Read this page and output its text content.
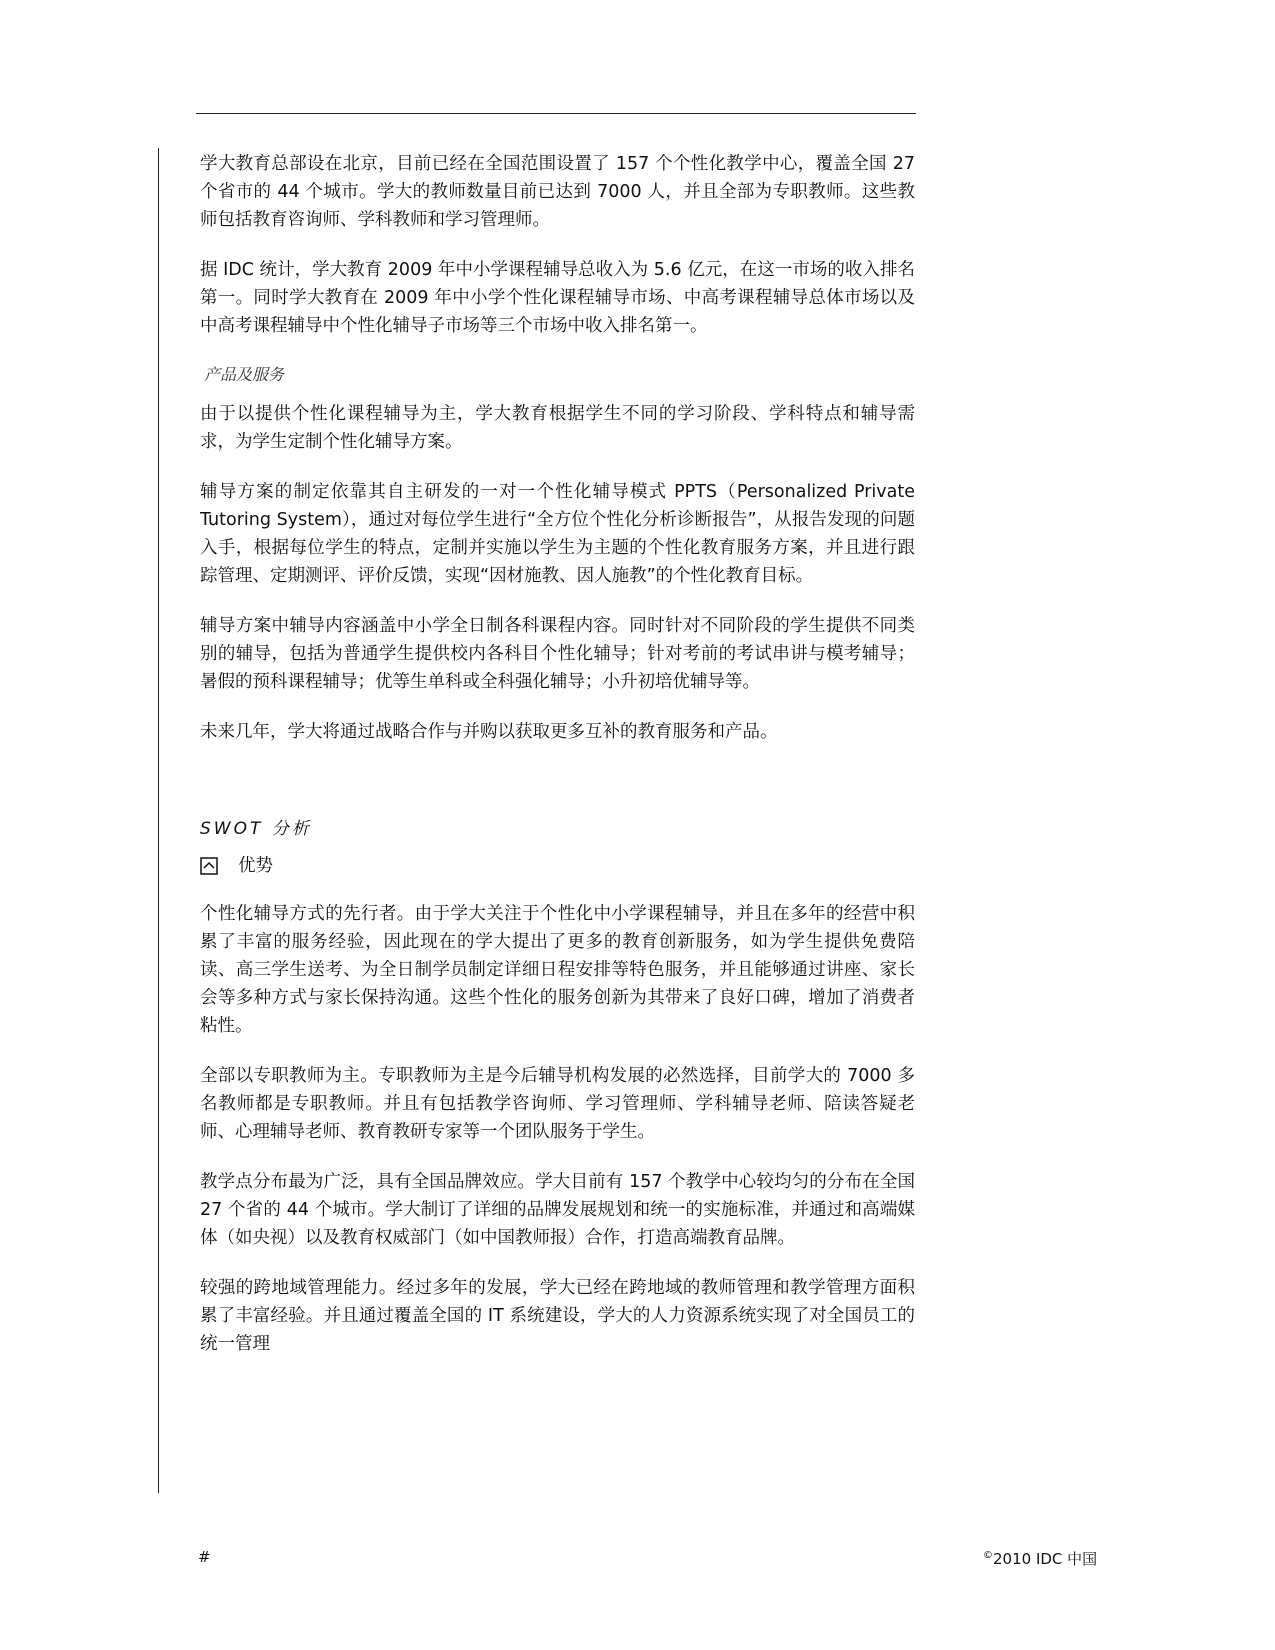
学大教育总部设在北京，目前已经在全国范围设置了 157 个个性化教学中心，覆盖全国 27 个省市的 44 个城市。学大的教师数量目前已达到 7000 人，并且全部为专职教师。这些教师包括教育咨询师、学科教师和学习管理师。

据 IDC 统计，学大教育 2009 年中小学课程辅导总收入为 5.6 亿元，在这一市场的收入排名第一。同时学大教育在 2009 年中小学个性化课程辅导市场、中高考课程辅导总体市场以及中高考课程辅导中个性化辅导子市场等三个市场中收入排名第一。

产品及服务

由于以提供个性化课程辅导为主，学大教育根据学生不同的学习阶段、学科特点和辅导需求，为学生定制个性化辅导方案。

辅导方案的制定依靠其自主研发的一对一个性化辅导模式 PPTS（Personalized Private Tutoring System），通过对每位学生进行“全方位个性化分析诊断报告”，从报告发现的问题入手，根据每位学生的特点，定制并实施以学生为主题的个性化教育服务方案，并且进行跟踪管理、定期测评、评价反馈，实现“因材施教、因人施教”的个性化教育目标。

辅导方案中辅导内容涵盖中小学全日制各科课程内容。同时针对不同阶段的学生提供不同类别的辅导，包括为普通学生提供校内各科目个性化辅导；针对考前的考试串讲与模考辅导；暑假的预科课程辅导；优等生单科或全科强化辅导；小升初培优辅导等。

未来几年，学大将通过战略合作与并购以获取更多互补的教育服务和产品。

SWOT 分析
优势

个性化辅导方式的先行者。由于学大关注于个性化中小学课程辅导，并且在多年的经营中积累了丰富的服务经验，因此现在的学大提出了更多的教育创新服务，如为学生提供免费陪读、高三学生送考、为全日制学员制定详细日程安排等特色服务，并且能够通过讲座、家长会等多种方式与家长保持沟通。这些个性化的服务创新为其带来了良好口碑，增加了消费者粘性。

全部以专职教师为主。专职教师为主是今后辅导机构发展的必然选择，目前学大的 7000 多名教师都是专职教师。并且有包括教学咨询师、学习管理师、学科辅导老师、陪读答疑老师、心理辅导老师、教育教研专家等一个团队服务于学生。

教学点分布最为广泛，具有全国品牌效应。学大目前有 157 个教学中心较均匀的分布在全国 27 个省的 44 个城市。学大制订了详细的品牌发展规划和统一的实施标准，并通过和高端媒体（如央视）以及教育权威部门（如中国教师报）合作，打造高端教育品牌。

较强的跨地域管理能力。经过多年的发展，学大已经在跨地域的教师管理和教学管理方面积累了丰富经验。并且通过覆盖全国的 IT 系统建设，学大的人力资源系统实现了对全国员工的统一管理

#	©2010 IDC 中国
